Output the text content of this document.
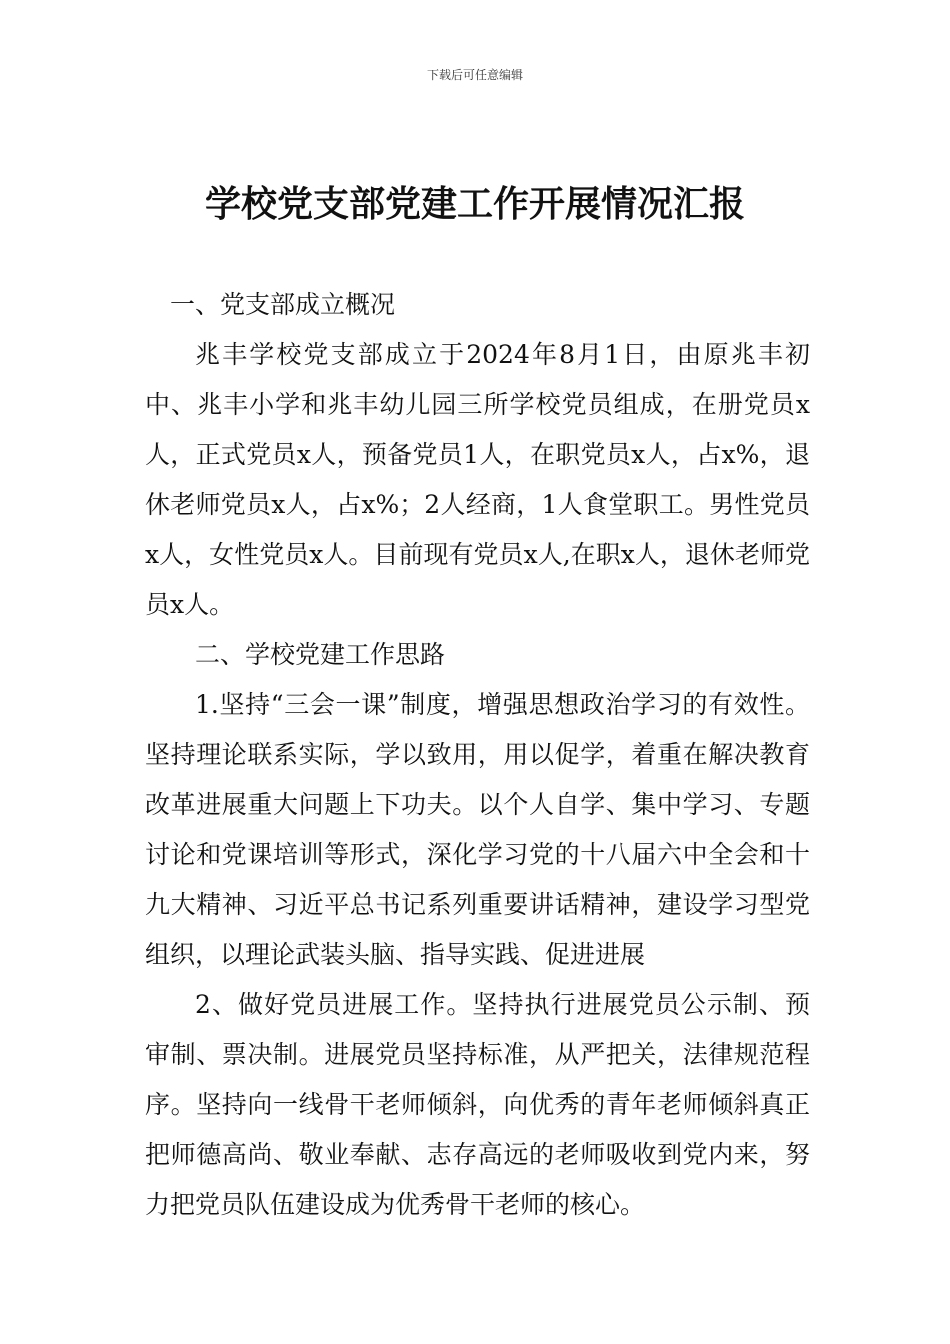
下载后可任意编辑
学校党支部党建工作开展情况汇报

一、党支部成立概况

兆丰学校党支部成立于2024年8月1日，由原兆丰初中、兆丰小学和兆丰幼儿园三所学校党员组成，在册党员x人，正式党员x人，预备党员1人，在职党员x人，占x%，退休老师党员x人，占x%；2人经商，1人食堂职工。男性党员x人，女性党员x人。目前现有党员x人,在职x人，退休老师党员x人。

二、学校党建工作思路

1.坚持“三会一课”制度，增强思想政治学习的有效性。坚持理论联系实际，学以致用，用以促学，着重在解决教育改革进展重大问题上下功夫。以个人自学、集中学习、专题讨论和党课培训等形式，深化学习党的十八届六中全会和十九大精神、习近平总书记系列重要讲话精神，建设学习型党组织，以理论武装头脑、指导实践、促进进展

2、做好党员进展工作。坚持执行进展党员公示制、预审制、票决制。进展党员坚持标准，从严把关，法律规范程序。坚持向一线骨干老师倾斜，向优秀的青年老师倾斜真正把师德高尚、敬业奉献、志存高远的老师吸收到党内来，努力把党员队伍建设成为优秀骨干老师的核心。
